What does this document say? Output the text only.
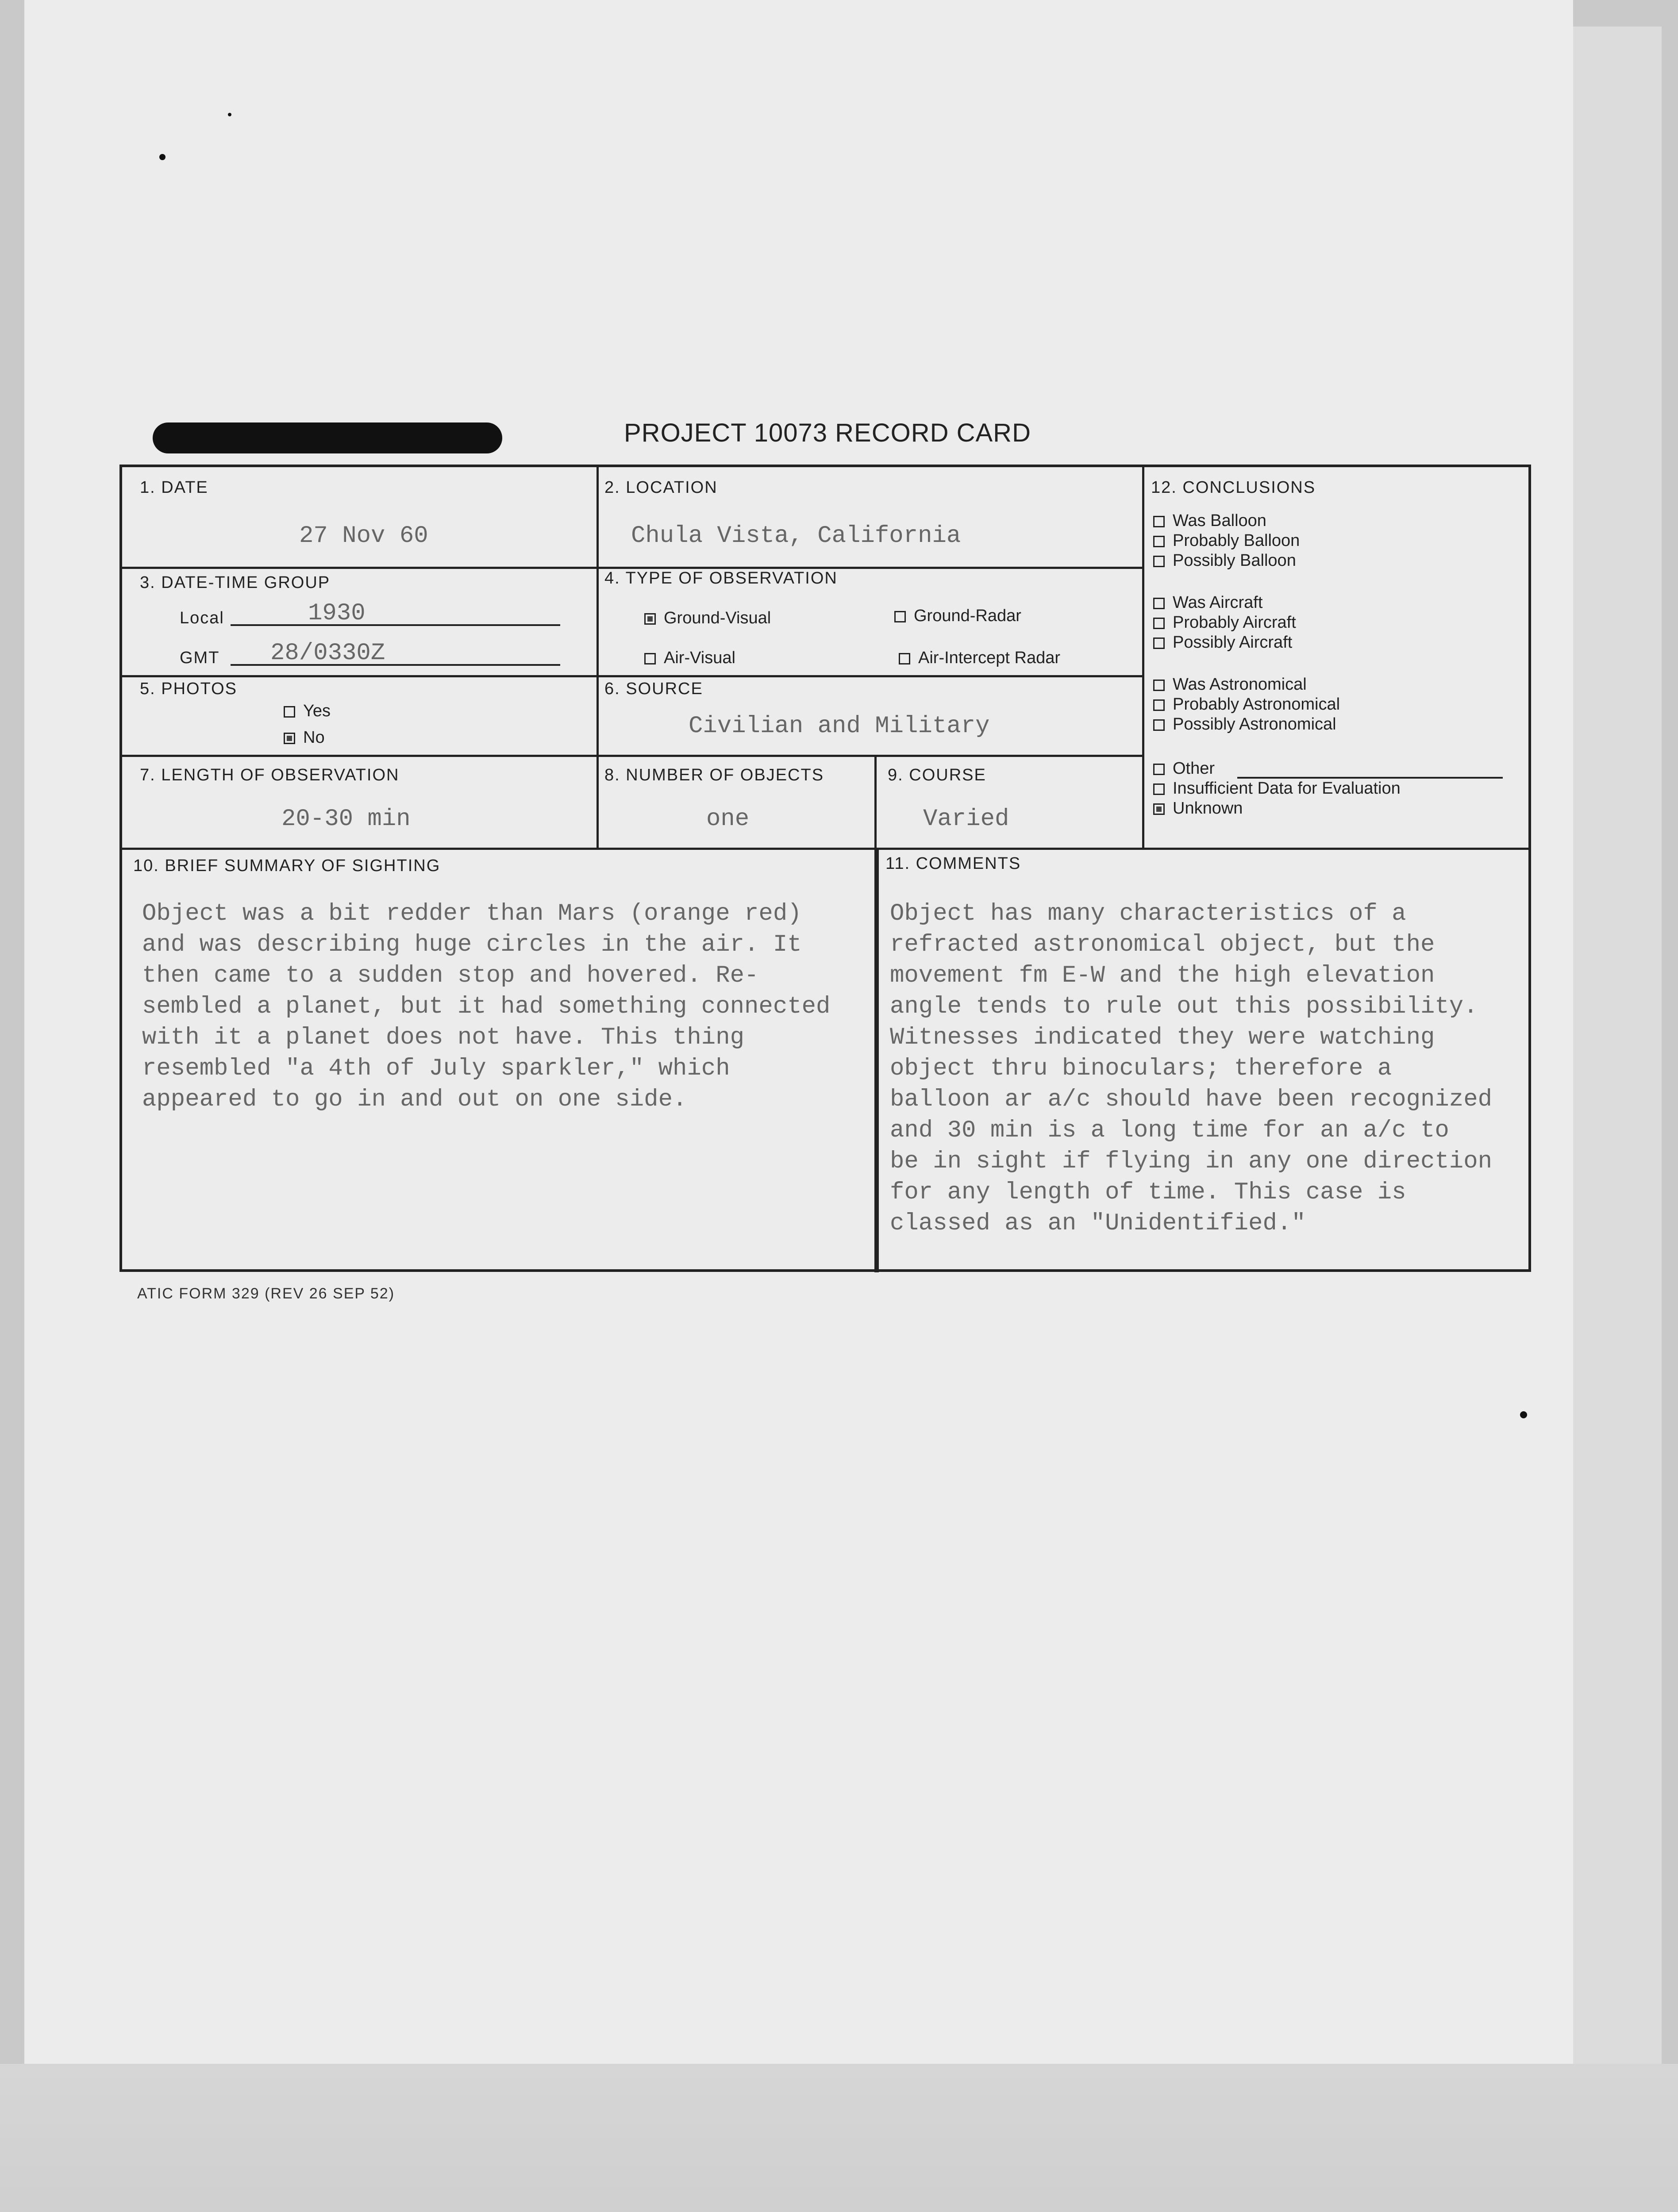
PROJECT 10073 RECORD CARD
1. DATE
27 Nov 60
2. LOCATION
Chula Vista, California
3. DATE-TIME GROUP
Local	1930
GMT 28/0330Z
4. TYPE OF OBSERVATION
Ground-Visual	Ground-Radar
Air-Visual	Air-Intercept Radar
5. PHOTOS
Yes
No
6. SOURCE
Civilian and Military
7. LENGTH OF OBSERVATION
20-30 min
8. NUMBER OF OBJECTS
one
9. COURSE
Varied
12. CONCLUSIONS
Was Balloon
Probably Balloon
Possibly Balloon
Was Aircraft
Probably Aircraft
Possibly Aircraft
Was Astronomical
Probably Astronomical
Possibly Astronomical
Other
Insufficient Data for Evaluation
Unknown
10. BRIEF SUMMARY OF SIGHTING
Object was a bit redder than Mars (orange red)
and was describing huge circles in the air. It
then came to a sudden stop and hovered. Re-
sembled a planet, but it had something connected
with it a planet does not have. This thing
resembled "a 4th of July sparkler," which
appeared to go in and out on one side.
11. COMMENTS
Object has many characteristics of a
refracted astronomical object, but the
movement fm E-W and the high elevation
angle tends to rule out this possibility.
Witnesses indicated they were watching
object thru binoculars; therefore a
balloon ar a/c should have been recognized
and 30 min is a long time for an a/c to
be in sight if flying in any one direction
for any length of time. This case is
classed as an "Unidentified."
ATIC FORM 329 (REV 26 SEP 52)
